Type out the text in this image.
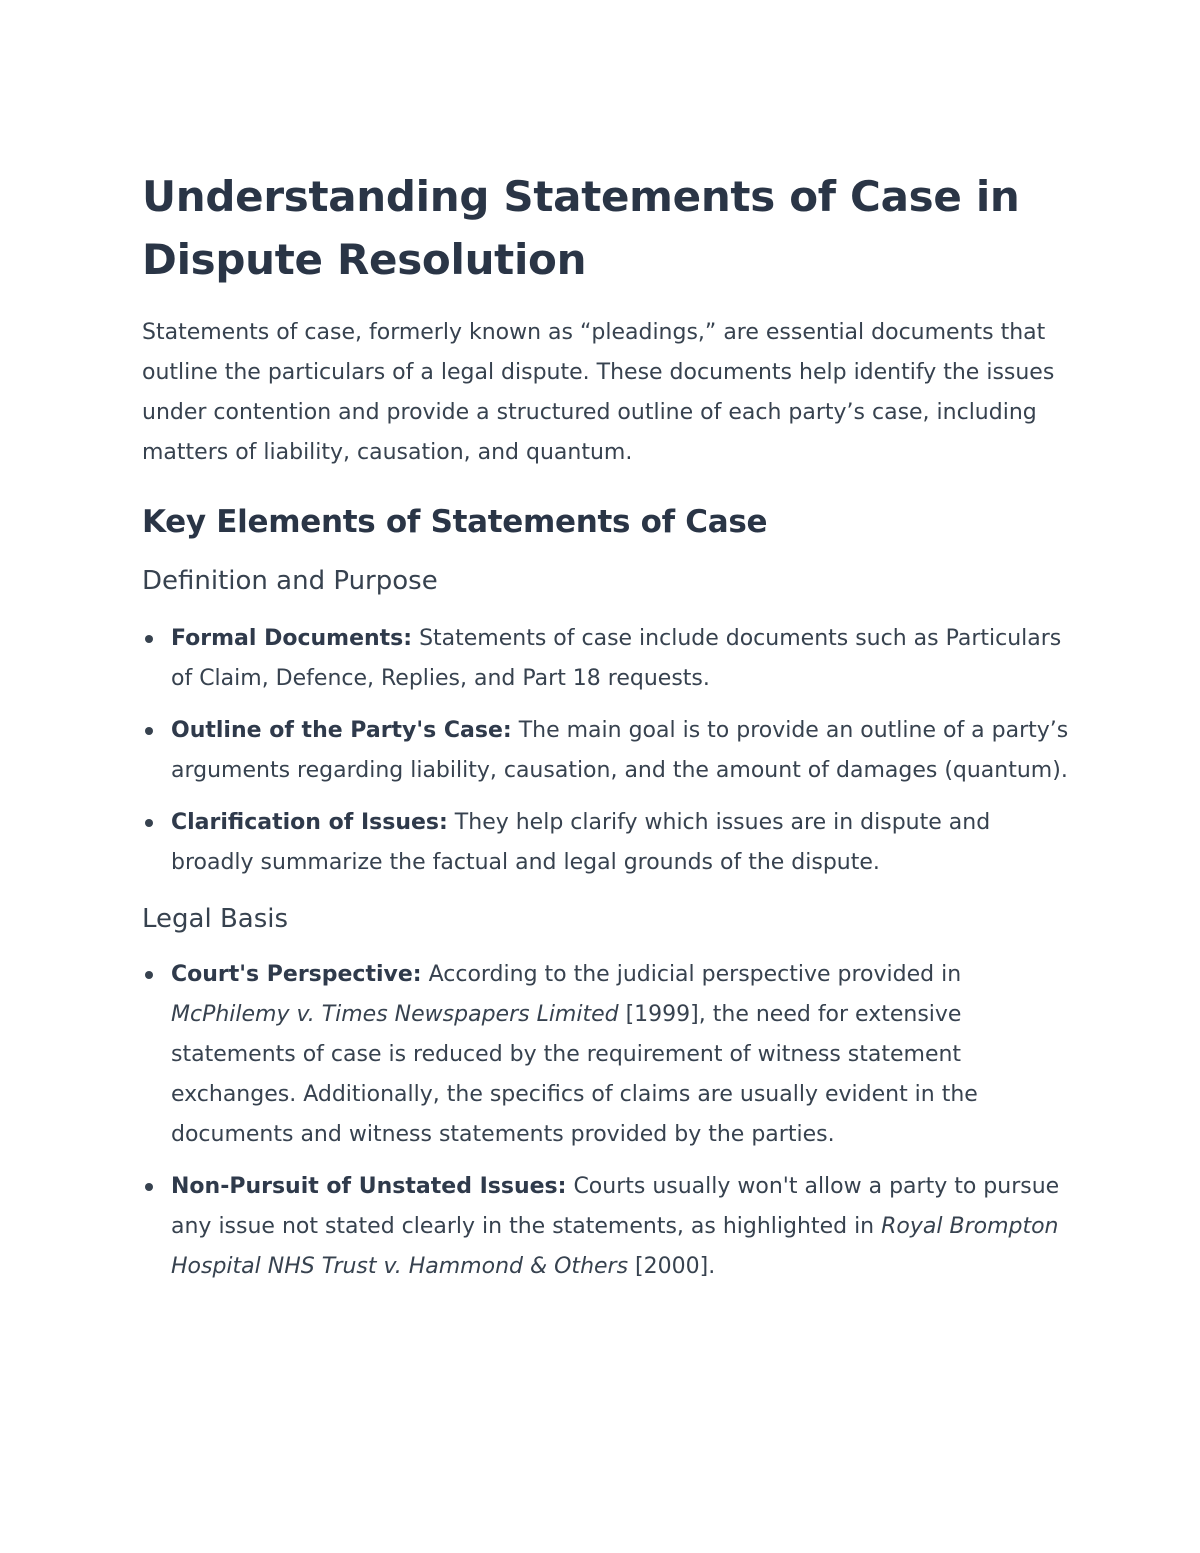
Understanding Statements of Case in Dispute Resolution

Statements of case, formerly known as “pleadings,” are essential documents that outline the particulars of a legal dispute. These documents help identify the issues under contention and provide a structured outline of each party’s case, including matters of liability, causation, and quantum.

Key Elements of Statements of Case
Definition and Purpose
Formal Documents: Statements of case include documents such as Particulars of Claim, Defence, Replies, and Part 18 requests.
Outline of the Party's Case: The main goal is to provide an outline of a party’s arguments regarding liability, causation, and the amount of damages (quantum).
Clarification of Issues: They help clarify which issues are in dispute and broadly summarize the factual and legal grounds of the dispute.
Legal Basis
Court's Perspective: According to the judicial perspective provided in McPhilemy v. Times Newspapers Limited [1999], the need for extensive statements of case is reduced by the requirement of witness statement exchanges. Additionally, the specifics of claims are usually evident in the documents and witness statements provided by the parties.
Non-Pursuit of Unstated Issues: Courts usually won't allow a party to pursue any issue not stated clearly in the statements, as highlighted in Royal Brompton Hospital NHS Trust v. Hammond & Others [2000].
